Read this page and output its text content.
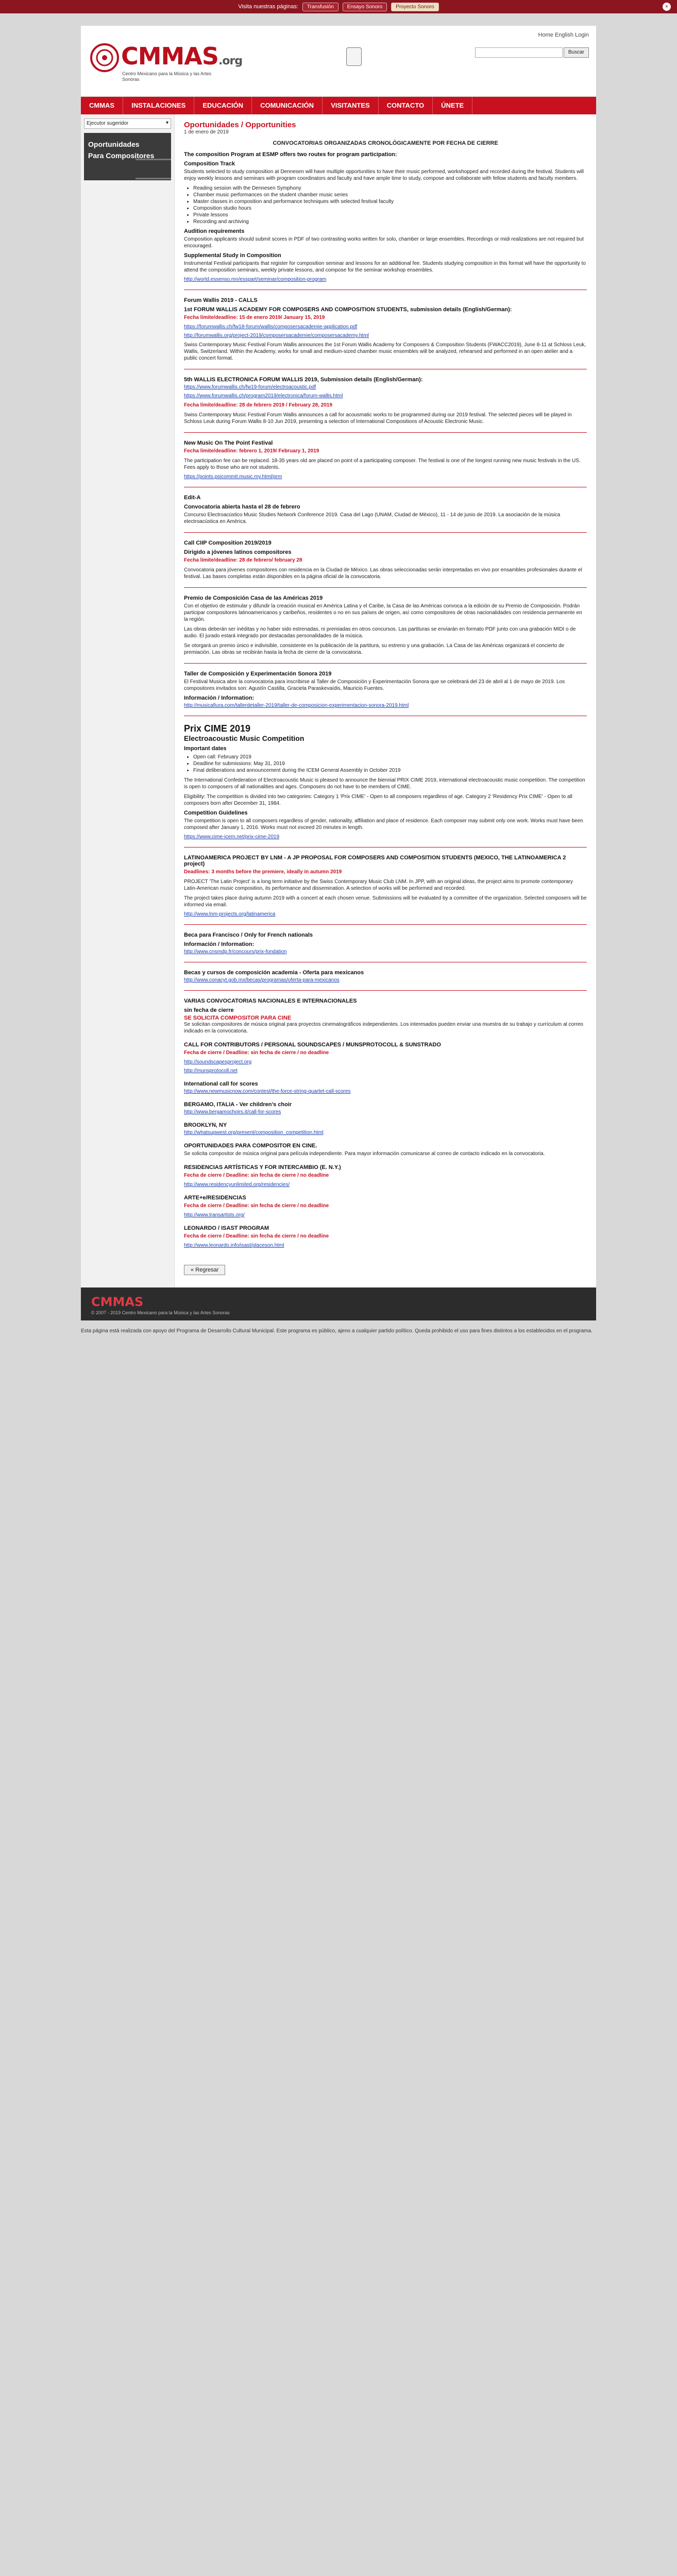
Visita nuestras páginas:	Transfusión	Ensayo Sonoro	Proyecto Sonoro	×
CMMAS.org
Centro Mexicano para la Música y las Artes Sonoras
Home English Login
Buscar
CMMAS	INSTALACIONES	EDUCACIÓN	COMUNICACIÓN	VISITANTES	CONTACTO	ÚNETE
Ejecutor sugeridor	▾
Oportunidades
Para Compositores
Oportunidades / Opportunities
1 de enero de 2019
CONVOCATORIAS ORGANIZADAS CRONOLÓGICAMENTE POR FECHA DE CIERRE
The composition Program at ESMP offers two routes for program participation:
Composition Track

Students selected to study composition at Dennesen will have multiple opportunities to have their music performed, workshopped and recorded during the festival. Students will enjoy weekly lessons and seminars with program coordinators and faculty and have ample time to study, compose and collaborate with fellow students and faculty members.

• Reading session with the Dennesen Symphony
• Chamber music performances on the student chamber music series
• Master classes in composition and performance techniques with selected festival faculty
• Composition studio hours
• Private lessons
• Recording and archiving
Audition requirements

Composition applicants should submit scores in PDF of two contrasting works written for solo, chamber or large ensembles. Recordings or midi realizations are not required but encouraged.

Supplemental Study in Composition

Instrumental Festival participants that register for composition seminar and lessons for an additional fee. Students studying composition in this format will have the opportunity to attend the composition seminars, weekly private lessons, and compose for the seminar workshop ensembles.

http://world.essenso.mn/esspart/seminar/composition-program
Forum Wallis 2019 - CALLS
1st FORUM WALLIS ACADEMY FOR COMPOSERS AND COMPOSITION STUDENTS, submission details (English/German):

Fecha límite/deadline: 15 de enero 2019/ January 15, 2019

https://forumwallis.ch/fw18-forum/wallis/composersacademie-application.pdf
http://forumwallis.org/project-2019/composersacademie/composersacademy.html

Swiss Contemporary Music Festival Forum Wallis announces the 1st Forum Wallis Academy for Composers & Composition Students (FWACC2019), June 8-11 at Schloss Leuk, Wallis, Switzerland. Within the Academy, works for small and medium-sized chamber music ensembles will be analyzed, rehearsed and performed in an open atelier and a public concert format.

5th WALLIS ELECTRONICA FORUM WALLIS 2019, Submission details (English/German):
https://www.forumwallis.ch/fw19-forum/electroacoustic.pdf
https://www.forumwallis.ch/program2019/electronica/forum-wallis.html

Fecha límite/deadline: 28 de febrero 2019 / February 28, 2019

Swiss Contemporary Music Festival Forum Wallis announces a call for acousmatic works to be programmed during our 2019 festival. The selected pieces will be played in Schloss Leuk during Forum Wallis 8-10 Jun 2019, presenting a selection of International Compositions of Acoustic Electronic Music.

New Music On The Point Festival

Fecha límite/deadline: febrero 1, 2019/ February 1, 2019

The participation fee can be replaced. 18-35 years old are placed on point of a participating composer. The festival is one of the longest running new music festivals in the US. Fees apply to those who are not students.

https://points.psicommit.music.my.html/prm
Edit-A
Convocatoria abierta hasta el 28 de febrero

Concurso Electroacústico Music Studies Network Conference 2019. Casa del Lago (UNAM, Ciudad de México), 11 - 14 de junio de 2019. La asociación de la música electroacústica en América.

Call CIIP Composition 2019/2019
Dirigido a jóvenes latinos compositores

Fecha límite/deadline: 28 de febrero/ february 28

Convocatoria para jóvenes compositores con residencia en la Ciudad de México. Las obras seleccionadas serán interpretadas en vivo por ensambles profesionales durante el festival. Las bases completas están disponibles en la página oficial de la convocatoria.

Premio de Composición Casa de las Américas 2019

Con el objetivo de estimular y difundir la creación musical en América Latina y el Caribe, la Casa de las Américas convoca a la edición de su Premio de Composición. Podrán participar compositores latinoamericanos y caribeños, residentes o no en sus países de origen, así como compositores de otras nacionalidades con residencia permanente en la región.

Las obras deberán ser inéditas y no haber sido estrenadas, ni premiadas en otros concursos. Las partituras se enviarán en formato PDF junto con una grabación MIDI o de audio. El jurado estará integrado por destacadas personalidades de la música.

Se otorgará un premio único e indivisible, consistente en la publicación de la partitura, su estreno y una grabación. La Casa de las Américas organizará el concierto de premiación. Las obras se recibirán hasta la fecha de cierre de la convocatoria.

Taller de Composición y Experimentación Sonora 2019

El Festival Musica abre la convocatoria para inscribirse al Taller de Composición y Experimentación Sonora que se celebrará del 23 de abril al 1 de mayo de 2019. Los compositores invitados son: Agustín Castilla, Graciela Paraskevaídis, Mauricio Fuentes.

Información / Information:
http://musicafiura.com/tallerdetaller-2019/taller-de-composicion-experimentacion-sonora-2019.html
Prix CIME 2019
Electroacoustic Music Competition
Important dates
• Open call: February 2019
• Deadline for submissions: May 31, 2019
• Final deliberations and announcement during the ICEM General Assembly in October 2019

The International Confederation of Electroacoustic Music is pleased to announce the biennial PRIX CIME 2019, international electroacoustic music competition. The competition is open to composers of all nationalities and ages. Composers do not have to be members of CIME.

Eligibility: The competition is divided into two categories: Category 1 'Prix CIME' - Open to all composers regardless of age. Category 2 'Residency Prix CIME' - Open to all composers born after December 31, 1984.

Competition Guidelines

The competition is open to all composers regardless of gender, nationality, affiliation and place of residence. Each composer may submit only one work. Works must have been composed after January 1, 2016. Works must not exceed 20 minutes in length.

https://www.cime-icem.net/prix-cime-2019
LATINOAMERICA PROJECT BY LNM - A JP PROPOSAL FOR COMPOSERS AND COMPOSITION STUDENTS (MEXICO, THE LATINOAMERICA 2 project)

Deadlines: 3 months before the premiere, ideally in autumn 2019

PROJECT 'The Latin Project' is a long term initiative by the Swiss Contemporary Music Club LNM. In JPP, with an original ideas, the project aims to promote contemporary Latin-American music composition, its performance and dissemination. A selection of works will be performed and recorded.

The project takes place during autumn 2019 with a concert at each chosen venue. Submissions will be evaluated by a committee of the organization. Selected composers will be informed via email.

http://www.lnm-projects.org/latinamerica
Beca para Francisco / Only for French nationals
Información / Information:
http://www.cnsmdp.fr/concours/prix-fondation
Becas y cursos de composición academia - Oferta para mexicanos
http://www.conacyt.gob.mx/becas/programas/oferta-para-mexicanos
VARIAS CONVOCATORIAS NACIONALES E INTERNACIONALES
sin fecha de cierre
SE SOLICITA COMPOSITOR PARA CINE

Se solicitan compositores de música original para proyectos cinematográficos independientes. Los interesados pueden enviar una muestra de su trabajo y currículum al correo indicado en la convocatoria.

CALL FOR CONTRIBUTORS / PERSONAL SOUNDSCAPES / MUNSPROTOCOLL & SUNSTRADO

Fecha de cierre / Deadline: sin fecha de cierre / no deadline

http://soundscapesproject.org
http://munsprotocoll.net
International call for scores
http://www.newmusicnow.com/contest/the-force-string-quartet-call-scores
BERGAMO, ITALIA - Ver children's choir
http://www.bergamochoirs.it/call-for-scores
BROOKLYN, NY
http://whatsupwest.org/present/composition_competition.html
OPORTUNIDADES PARA COMPOSITOR EN CINE.

Se solicita compositor de música original para película independiente. Para mayor información comunicarse al correo de contacto indicado en la convocatoria.

RESIDENCIAS ARTÍSTICAS Y FOR INTERCAMBIO (E. N.Y.)

Fecha de cierre / Deadline: sin fecha de cierre / no deadline

http://www.residencyunlimited.org/residencies/
ARTE+e/RESIDENCIAS

Fecha de cierre / Deadline: sin fecha de cierre / no deadline

http://www.transartists.org/
LEONARDO / ISAST PROGRAM

Fecha de cierre / Deadline: sin fecha de cierre / no deadline

http://www.leonardo.info/isast/placeson.html
« Regresar
CMMAS
© 2007 - 2019 Centro Mexicano para la Música y las Artes Sonoras
Esta página está realizada con apoyo del Programa de Desarrollo Cultural Municipal. Este programa es público, ajeno a cualquier partido político. Queda prohibido el uso para fines distintos a los establecidos en el programa.
